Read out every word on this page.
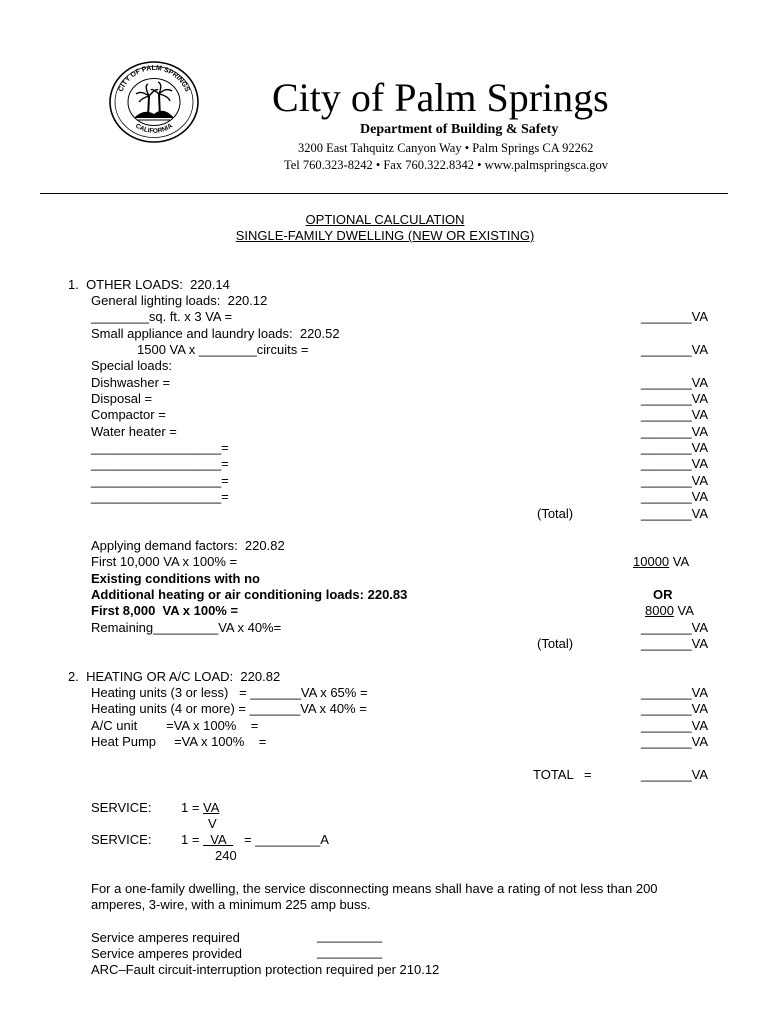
CITY OF PALM SPRINGS
CALIFORNIA
City of Palm Springs
Department of Building & Safety
3200 East Tahquitz Canyon Way • Palm Springs CA 92262
Tel 760.323-8242 • Fax 760.322.8342 • www.palmspringsca.gov
OPTIONAL CALCULATION
SINGLE-FAMILY DWELLING (NEW OR EXISTING)
1.  OTHER LOADS:  220.14
General lighting loads:  220.12
________sq. ft. x 3 VA =	_______VA
Small appliance and laundry loads:  220.52
1500 VA x ________circuits =	_______VA
Special loads:
Dishwasher =	_______VA
Disposal =	_______VA
Compactor =	_______VA
Water heater =	_______VA
__________________=	_______VA
__________________=	_______VA
__________________=	_______VA
__________________=	_______VA
(Total)	_______VA
Applying demand factors:  220.82
First 10,000 VA x 100% =	10000 VA
Existing conditions with no
Additional heating or air conditioning loads: 220.83	OR
First 8,000  VA x 100% =	8000 VA
Remaining_________VA x 40%=	_______VA
(Total)	_______VA
2.  HEATING OR A/C LOAD:  220.82
Heating units (3 or less)   = _______VA x 65% =	_______VA
Heating units (4 or more) = _______VA x 40% =	_______VA
A/C unit        =VA x 100%    =	_______VA
Heat Pump     =VA x 100%    =	_______VA
TOTAL   =	_______VA
SERVICE: 1 = VA
V
SERVICE: 1 =   VA     = _________A
240
For a one-family dwelling, the service disconnecting means shall have a rating of not less than 200
amperes, 3-wire, with a minimum 225 amp buss.
Service amperes required	_________
Service amperes provided	_________
ARC–Fault circuit-interruption protection required per 210.12
